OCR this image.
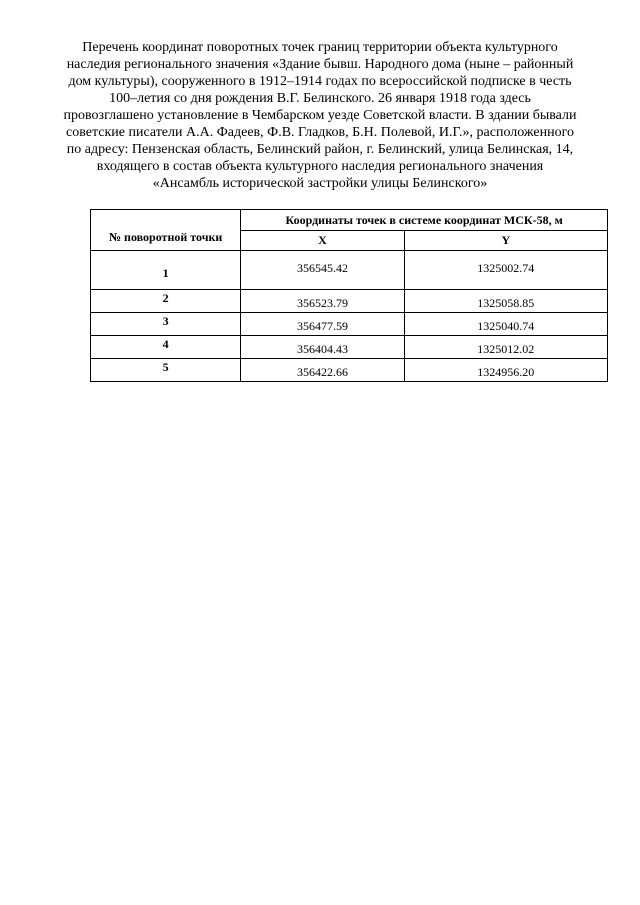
Перечень координат поворотных точек границ территории объекта культурного
наследия регионального значения «Здание бывш. Народного дома (ныне – районный
дом культуры), сооруженного в 1912–1914 годах по всероссийской подписке в честь
100–летия со дня рождения В.Г. Белинского. 26 января 1918 года здесь
провозглашено установление в Чембарском уезде Советской власти. В здании бывали
советские писатели А.А. Фадеев, Ф.В. Гладков, Б.Н. Полевой, И.Г.», расположенного
по адресу: Пензенская область, Белинский район, г. Белинский, улица Белинская, 14,
входящего в состав объекта культурного наследия регионального значения
«Ансамбль исторической застройки улицы Белинского»
№ поворотной точки	Координаты точек в системе координат МСК-58, м	
	X	Y
1	356545.42	1325002.74
2	356523.79	1325058.85
3	356477.59	1325040.74
4	356404.43	1325012.02
5	356422.66	1324956.20
